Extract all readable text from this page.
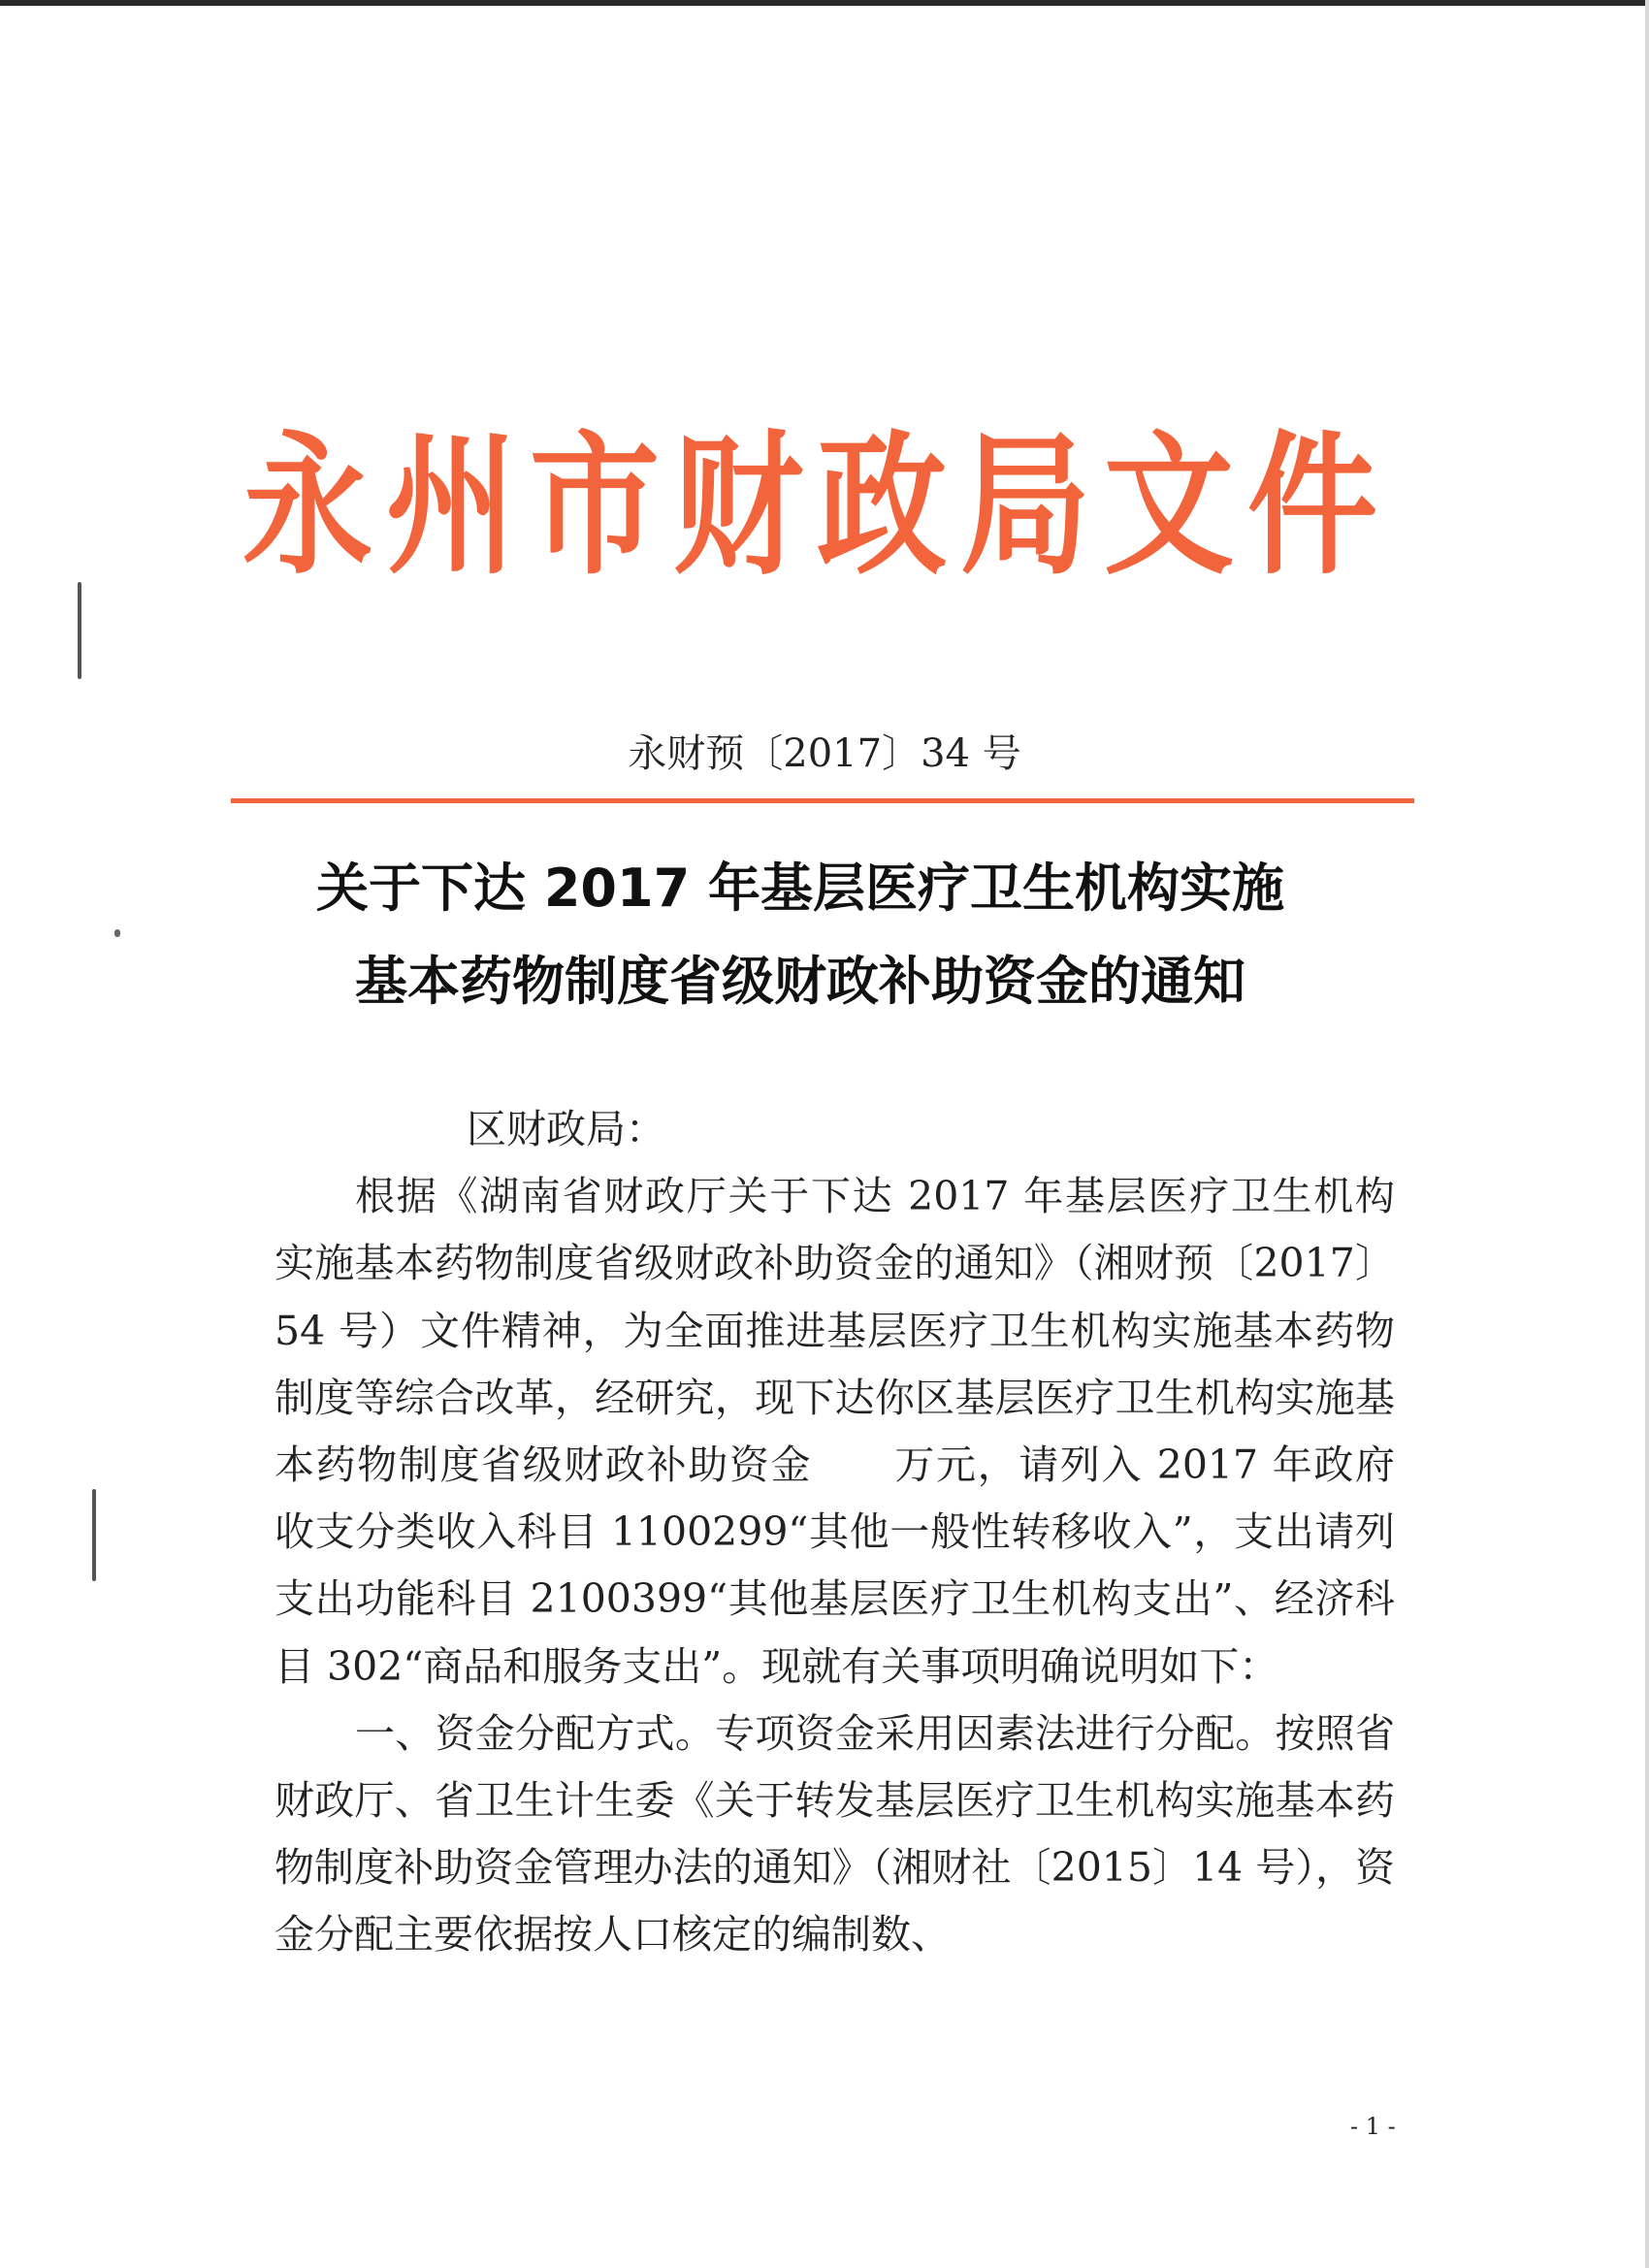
永州市财政局文件
永财预〔2017〕34 号
关于下达 2017 年基层医疗卫生机构实施
基本药物制度省级财政补助资金的通知
区财政局：

根据《湖南省财政厅关于下达 2017 年基层医疗卫生机构实施基本药物制度省级财政补助资金的通知》（湘财预〔2017〕54 号）文件精神，为全面推进基层医疗卫生机构实施基本药物制度等综合改革，经研究，现下达你区基层医疗卫生机构实施基本药物制度省级财政补助资金　　万元，请列入 2017 年政府收支分类收入科目 1100299“其他一般性转移收入”，支出请列支出功能科目 2100399“其他基层医疗卫生机构支出”、经济科目 302“商品和服务支出”。现就有关事项明确说明如下：

一、资金分配方式。专项资金采用因素法进行分配。按照省财政厅、省卫生计生委《关于转发基层医疗卫生机构实施基本药物制度补助资金管理办法的通知》（湘财社〔2015〕14 号），资金分配主要依据按人口核定的编制数、

- 1 -
